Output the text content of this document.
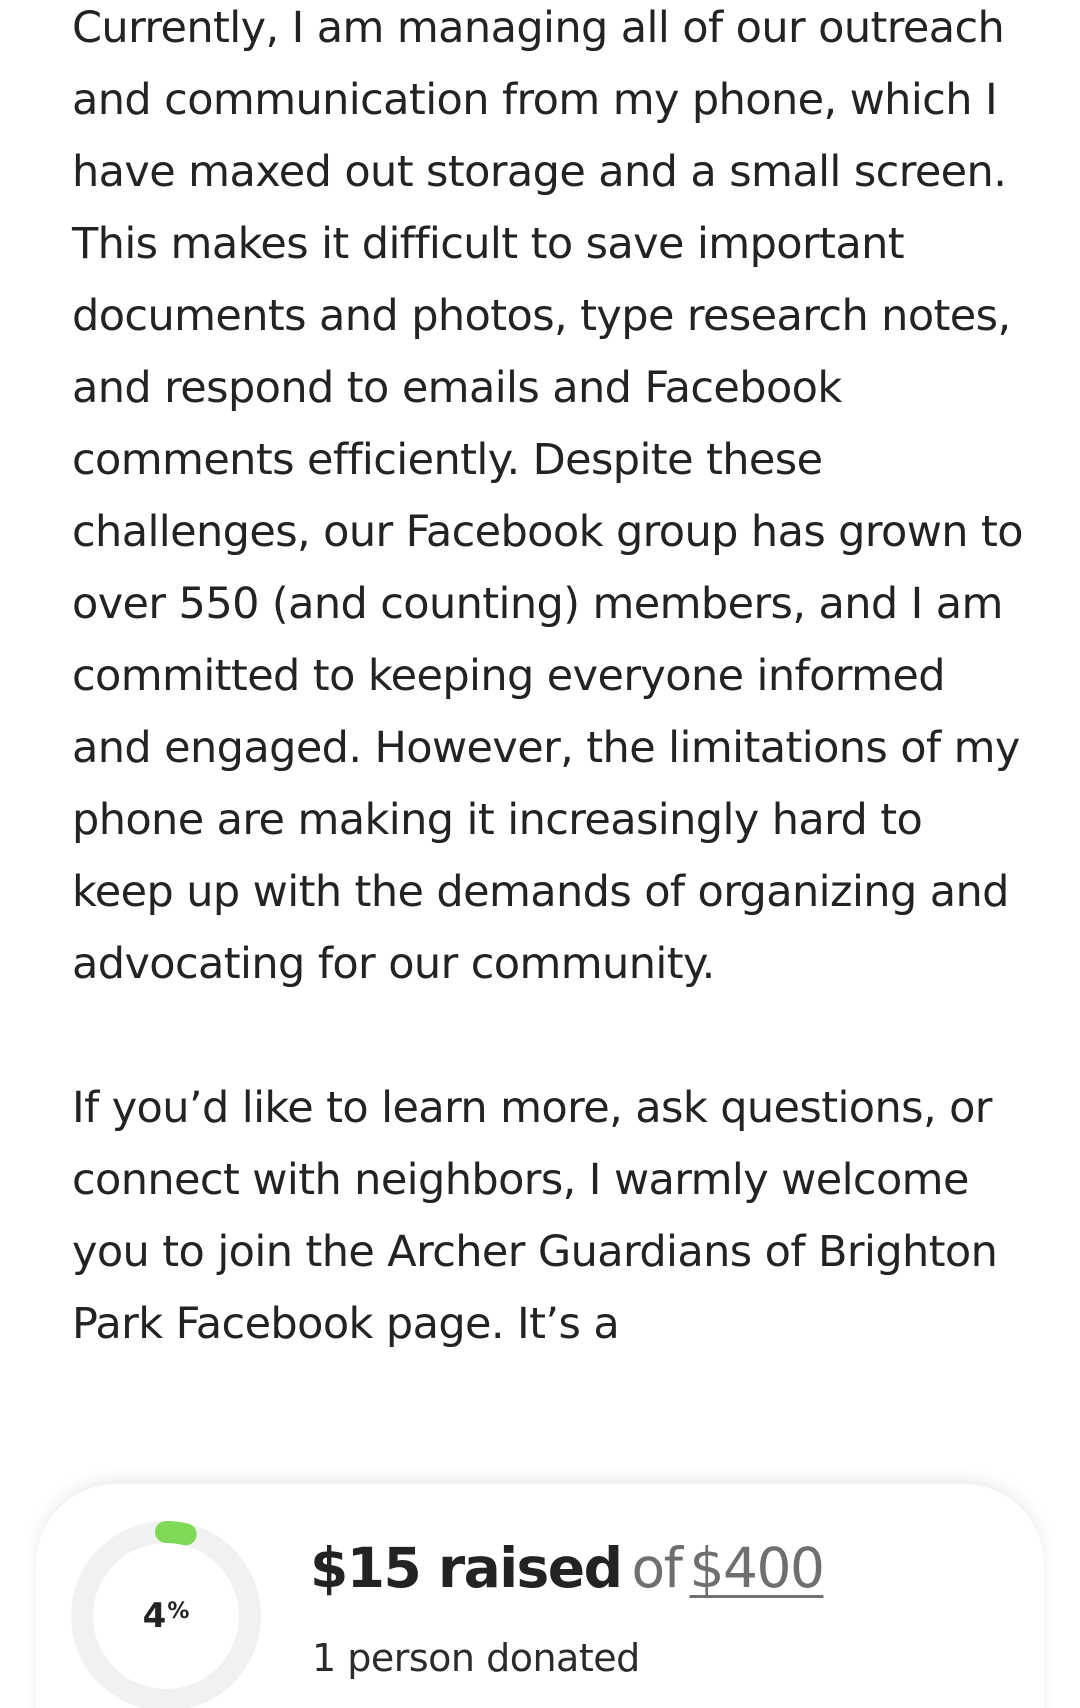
Currently, I am managing all of our outreach and communication from my phone, which I have maxed out storage and a small screen. This makes it difficult to save important documents and photos, type research notes, and respond to emails and Facebook comments efficiently. Despite these challenges, our Facebook group has grown to over 550 (and counting) members, and I am committed to keeping everyone informed and engaged. However, the limitations of my phone are making it increasingly hard to keep up with the demands of organizing and advocating for our community.

If you’d like to learn more, ask questions, or connect with neighbors, I warmly welcome you to join the Archer Guardians of Brighton Park Facebook page. It’s a

4 %
$15 raised of $400
1 person donated
